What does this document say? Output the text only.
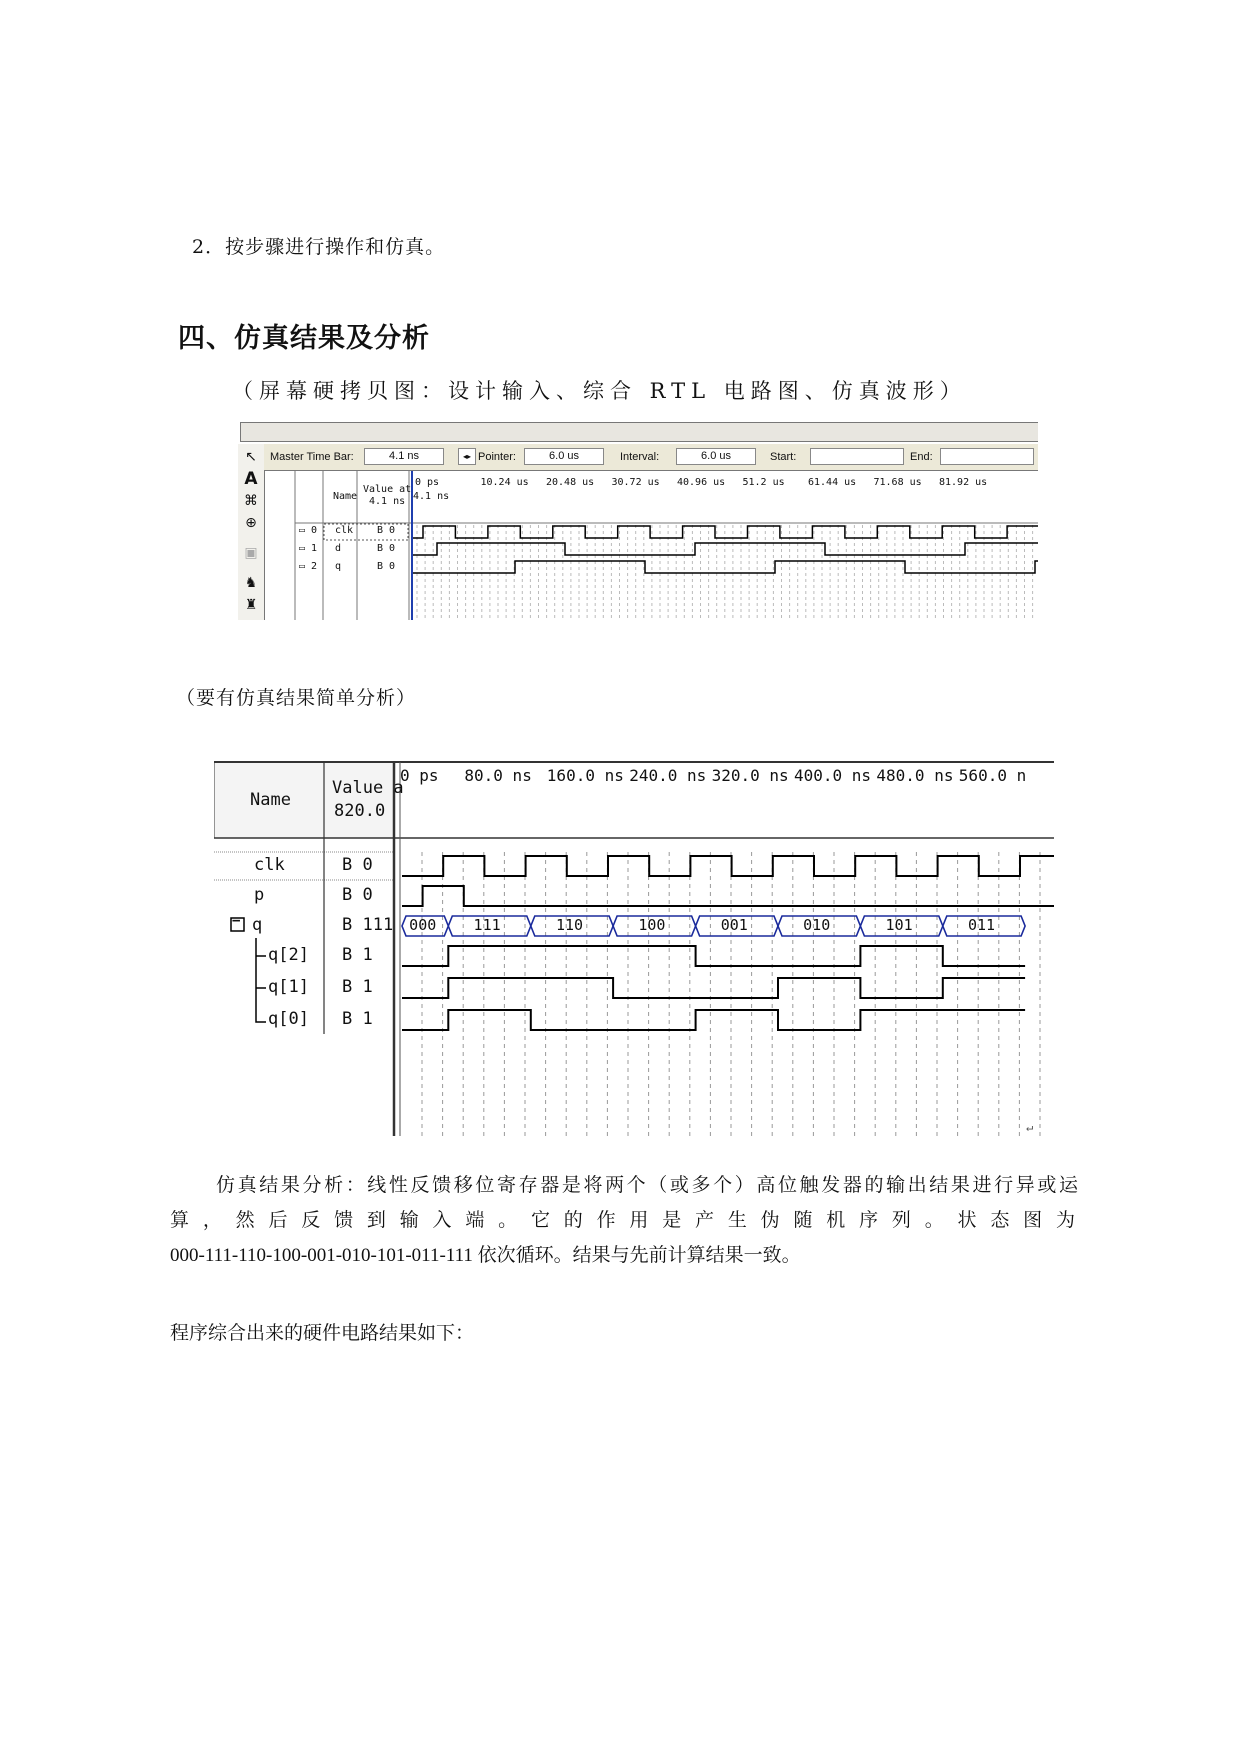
2．按步骤进行操作和仿真。
四、仿真结果及分析
（屏幕硬拷贝图：设计输入、综合 RTL 电路图、仿真波形）
↖
A
⌘
⊕
▣
♞
♜
Master Time Bar:	4.1 ns	◂▸ Pointer:	6.0 us	Interval:	6.0 us	Start:	End:
Name
Value at
4.1 ns 4.1 ns
0 ps	10.24 us 20.48 us 30.72 us 40.96 us 51.2 us 61.44 us 71.68 us 81.92 us
▭ 0 clk B 0
▭ 1 d	B 0
▭ 2 q	B 0
（要有仿真结果简单分析）
Name
Value a
820.0
0 ps 80.0 ns 160.0 ns 240.0 ns 320.0 ns 400.0 ns 480.0 ns 560.0 n
000 111	110	100	001	010	101	011
clk	B 0
p	B 0
q	B 111
q[2] B 1
q[1] B 1
q[0] B 1
−
↵
仿真结果分析：线性反馈移位寄存器是将两个（或多个）高位触发器的输出结果进行异或运
算，然后反馈到输入端。它的作用是产生伪随机序列。状态图为
000-111-110-100-001-010-101-011-111 依次循环。结果与先前计算结果一致。
程序综合出来的硬件电路结果如下：
